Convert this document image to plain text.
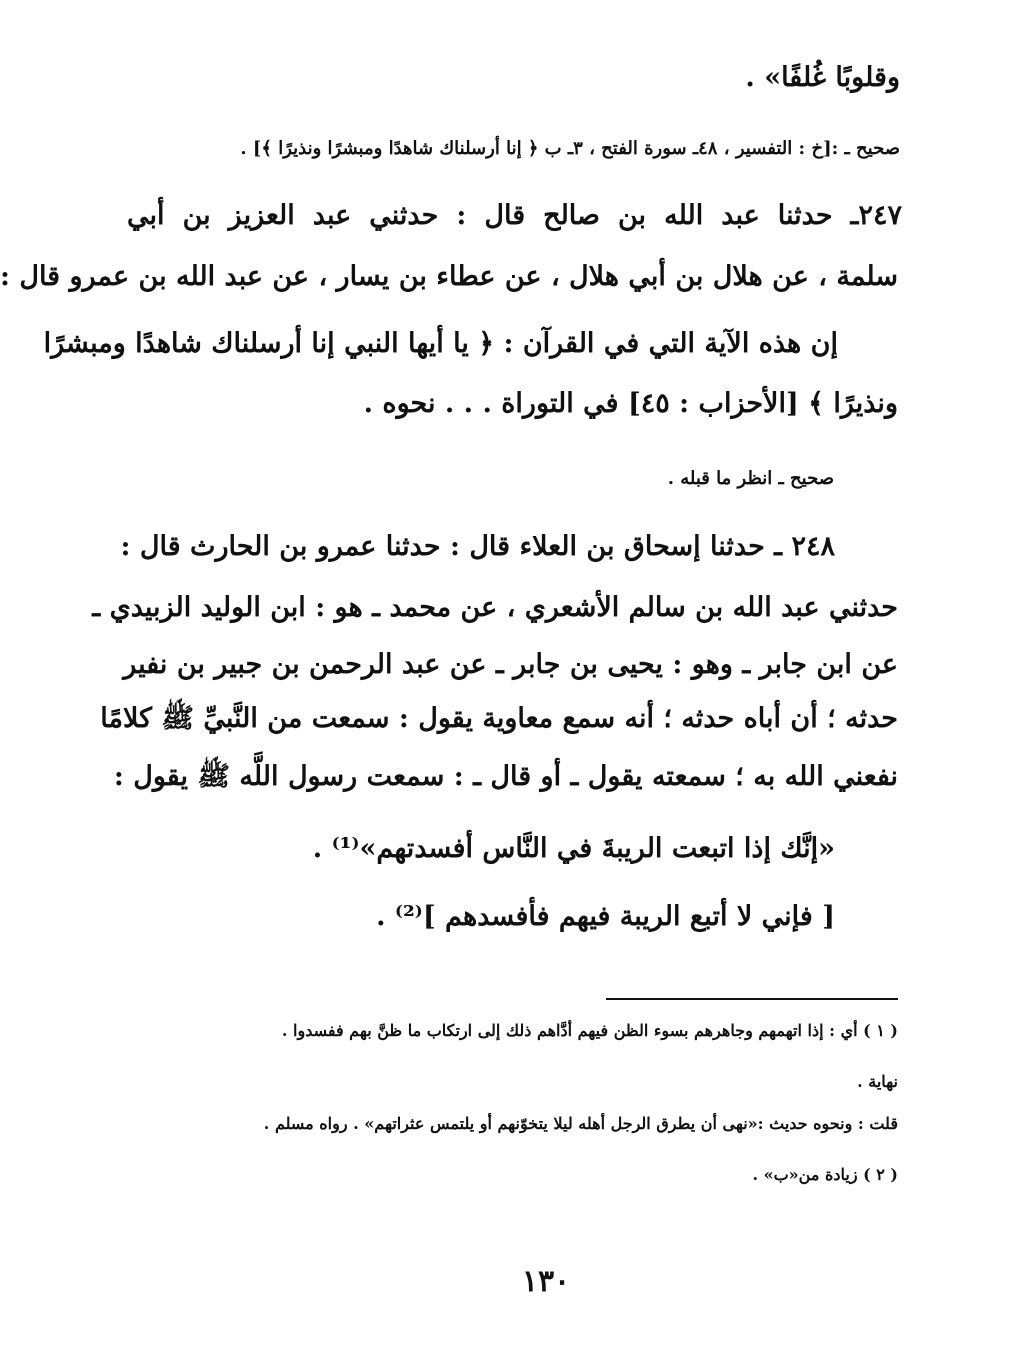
وقلوبًا غُلفًا» .
صحيح ـ :[خ : التفسير ، ٤٨ـ سورة الفتح ، ٣ـ ب ﴿ إنا أرسلناك شاهدًا ومبشرًا ونذيرًا ﴾] .
٢٤٧ـ حدثنا عبد الله بن صالح قال : حدثني عبد العزيز بن أبي
سلمة ، عن هلال بن أبي هلال ، عن عطاء بن يسار ، عن عبد الله بن عمرو قال :
إن هذه الآية التي في القرآن : ﴿ يا أيها النبي إنا أرسلناك شاهدًا ومبشرًا
ونذيرًا ﴾ [الأحزاب : ٤٥] في التوراة . . . نحوه .
صحيح ـ انظر ما قبله .
٢٤٨ ـ حدثنا إسحاق بن العلاء قال : حدثنا عمرو بن الحارث قال :
حدثني عبد الله بن سالم الأشعري ، عن محمد ـ هو : ابن الوليد الزبيدي ـ
عن ابن جابر ـ وهو : يحيى بن جابر ـ عن عبد الرحمن بن جبير بن نفير
حدثه ؛ أن أباه حدثه ؛ أنه سمع معاوية يقول : سمعت من النَّبيِّ ﷺ كلامًا
نفعني الله به ؛ سمعته يقول ـ أو قال ـ : سمعت رسول اللَّه ﷺ يقول :
«إنَّك إذا اتبعت الريبةَ في النَّاس أفسدتهم»⁽¹⁾ .
[ فإني لا أتبع الريبة فيهم فأفسدهم ]⁽²⁾ .
( ١ ) أي : إذا اتهمهم وجاهرهم بسوء الظن فيهم أدَّاهم ذلك إلى ارتكاب ما ظنَّ بهم ففسدوا .
نهاية .
قلت : ونحوه حديث :«نهى أن يطرق الرجل أهله ليلا يتخوّنهم أو يلتمس عثراتهم» . رواه مسلم .
( ٢ ) زيادة من«ب» .
١٣٠
